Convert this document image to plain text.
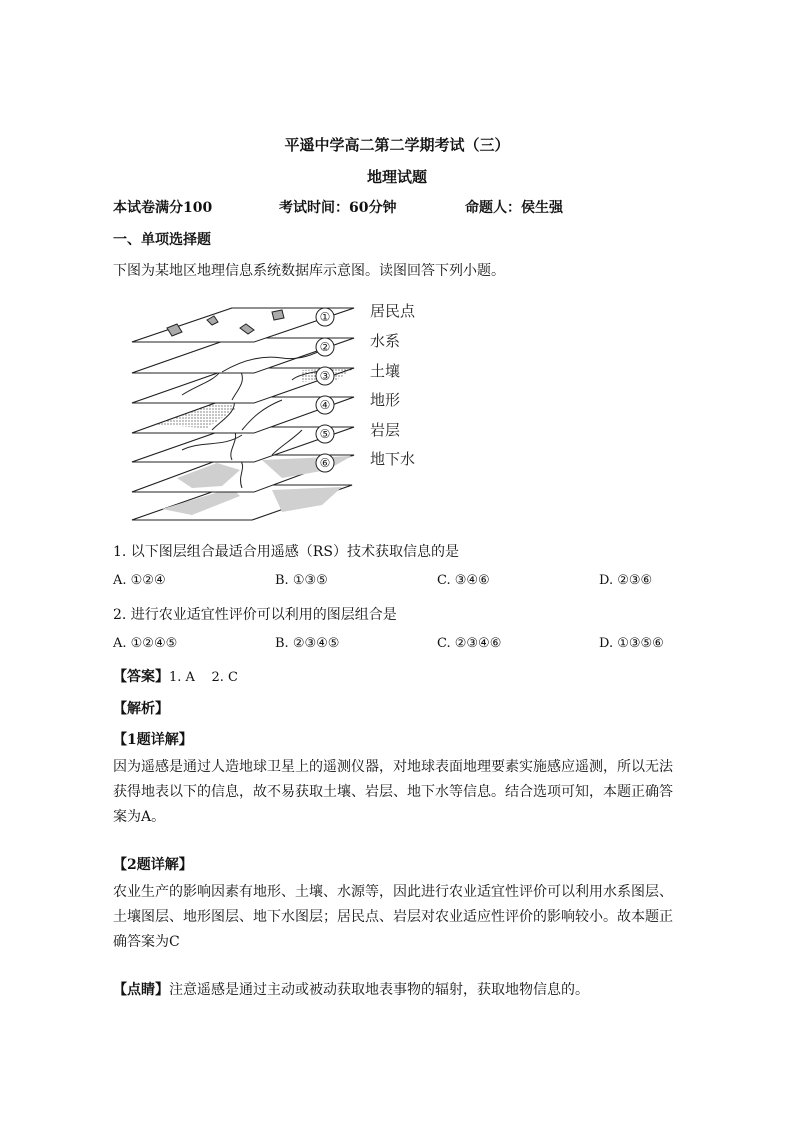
平遥中学高二第二学期考试（三）
地理试题
本试卷满分100	考试时间：60分钟	命题人：侯生强
一、单项选择题
下图为某地区地理信息系统数据库示意图。读图回答下列小题。
①
②
③
④
⑤
⑥
居民点
水系
土壤
地形
岩层
地下水
1. 以下图层组合最适合用遥感（RS）技术获取信息的是
A. ①②④	B. ①③⑤	C. ③④⑥	D. ②③⑥
2. 进行农业适宜性评价可以利用的图层组合是
A. ①②④⑤	B. ②③④⑤	C. ②③④⑥	D. ①③⑤⑥
【答案】1. A    2. C
【解析】
【1题详解】
因为遥感是通过人造地球卫星上的遥测仪器，对地球表面地理要素实施感应遥测，所以无法获得地表以下的信息，故不易获取土壤、岩层、地下水等信息。结合选项可知，本题正确答案为A。
【2题详解】
农业生产的影响因素有地形、土壤、水源等，因此进行农业适宜性评价可以利用水系图层、土壤图层、地形图层、地下水图层；居民点、岩层对农业适应性评价的影响较小。故本题正确答案为C
【点睛】注意遥感是通过主动或被动获取地表事物的辐射，获取地物信息的。
